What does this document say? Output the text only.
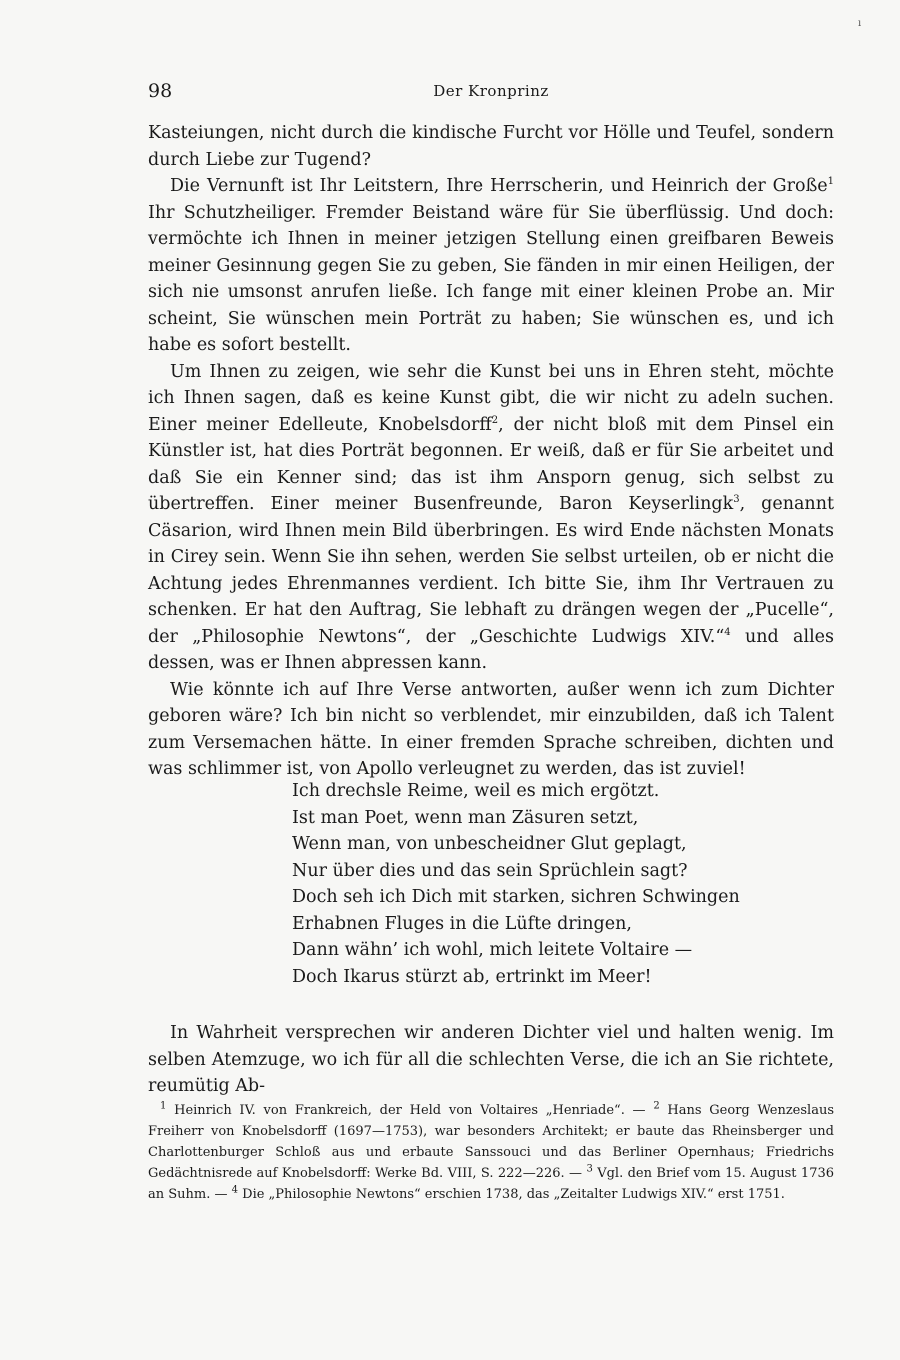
ı
98	Der Kronprinz

Kasteiungen, nicht durch die kindische Furcht vor Hölle und Teufel, sondern durch Liebe zur Tugend?

Die Vernunft ist Ihr Leitstern, Ihre Herrscherin, und Heinrich der Große$^1$ Ihr Schutzheiliger. Fremder Beistand wäre für Sie überflüssig. Und doch: vermöchte ich Ihnen in meiner jetzigen Stellung einen greifbaren Beweis meiner Gesinnung gegen Sie zu geben, Sie fänden in mir einen Heiligen, der sich nie umsonst anrufen ließe. Ich fange mit einer kleinen Probe an. Mir scheint, Sie wünschen mein Porträt zu haben; Sie wünschen es, und ich habe es sofort bestellt.

Um Ihnen zu zeigen, wie sehr die Kunst bei uns in Ehren steht, möchte ich Ihnen sagen, daß es keine Kunst gibt, die wir nicht zu adeln suchen. Einer meiner Edelleute, Knobelsdorff$^2$, der nicht bloß mit dem Pinsel ein Künstler ist, hat dies Porträt begonnen. Er weiß, daß er für Sie arbeitet und daß Sie ein Kenner sind; das ist ihm Ansporn genug, sich selbst zu übertreffen. Einer meiner Busenfreunde, Baron Keyserlingk$^3$, genannt Cäsarion, wird Ihnen mein Bild überbringen. Es wird Ende nächsten Monats in Cirey sein. Wenn Sie ihn sehen, werden Sie selbst urteilen, ob er nicht die Achtung jedes Ehrenmannes verdient. Ich bitte Sie, ihm Ihr Vertrauen zu schenken. Er hat den Auftrag, Sie lebhaft zu drängen wegen der „Pucelle“, der „Philosophie Newtons“, der „Geschichte Ludwigs XIV.“$^4$ und alles dessen, was er Ihnen abpressen kann.

Wie könnte ich auf Ihre Verse antworten, außer wenn ich zum Dichter geboren wäre? Ich bin nicht so verblendet, mir einzubilden, daß ich Talent zum Versemachen hätte. In einer fremden Sprache schreiben, dichten und was schlimmer ist, von Apollo verleugnet zu werden, das ist zuviel!

Ich drechsle Reime, weil es mich ergötzt.
Ist man Poet, wenn man Zäsuren setzt,
Wenn man, von unbescheidner Glut geplagt,
Nur über dies und das sein Sprüchlein sagt?
Doch seh ich Dich mit starken, sichren Schwingen
Erhabnen Fluges in die Lüfte dringen,
Dann wähn’ ich wohl, mich leitete Voltaire —
Doch Ikarus stürzt ab, ertrinkt im Meer!
In Wahrheit versprechen wir anderen Dichter viel und halten wenig. Im selben Atemzuge, wo ich für all die schlechten Verse, die ich an Sie richtete, reumütig Ab-
$^1$ Heinrich IV. von Frankreich, der Held von Voltaires „Henriade“. — $^2$ Hans Georg Wenzeslaus Freiherr von Knobelsdorff (1697—1753), war besonders Architekt; er baute das Rheinsberger und Charlottenburger Schloß aus und erbaute Sanssouci und das Berliner Opernhaus; Friedrichs Gedächtnisrede auf Knobelsdorff: Werke Bd. VIII, S. 222—226. — $^3$ Vgl. den Brief vom 15. August 1736 an Suhm. — $^4$ Die „Philosophie Newtons“ erschien 1738, das „Zeitalter Ludwigs XIV.“ erst 1751.
